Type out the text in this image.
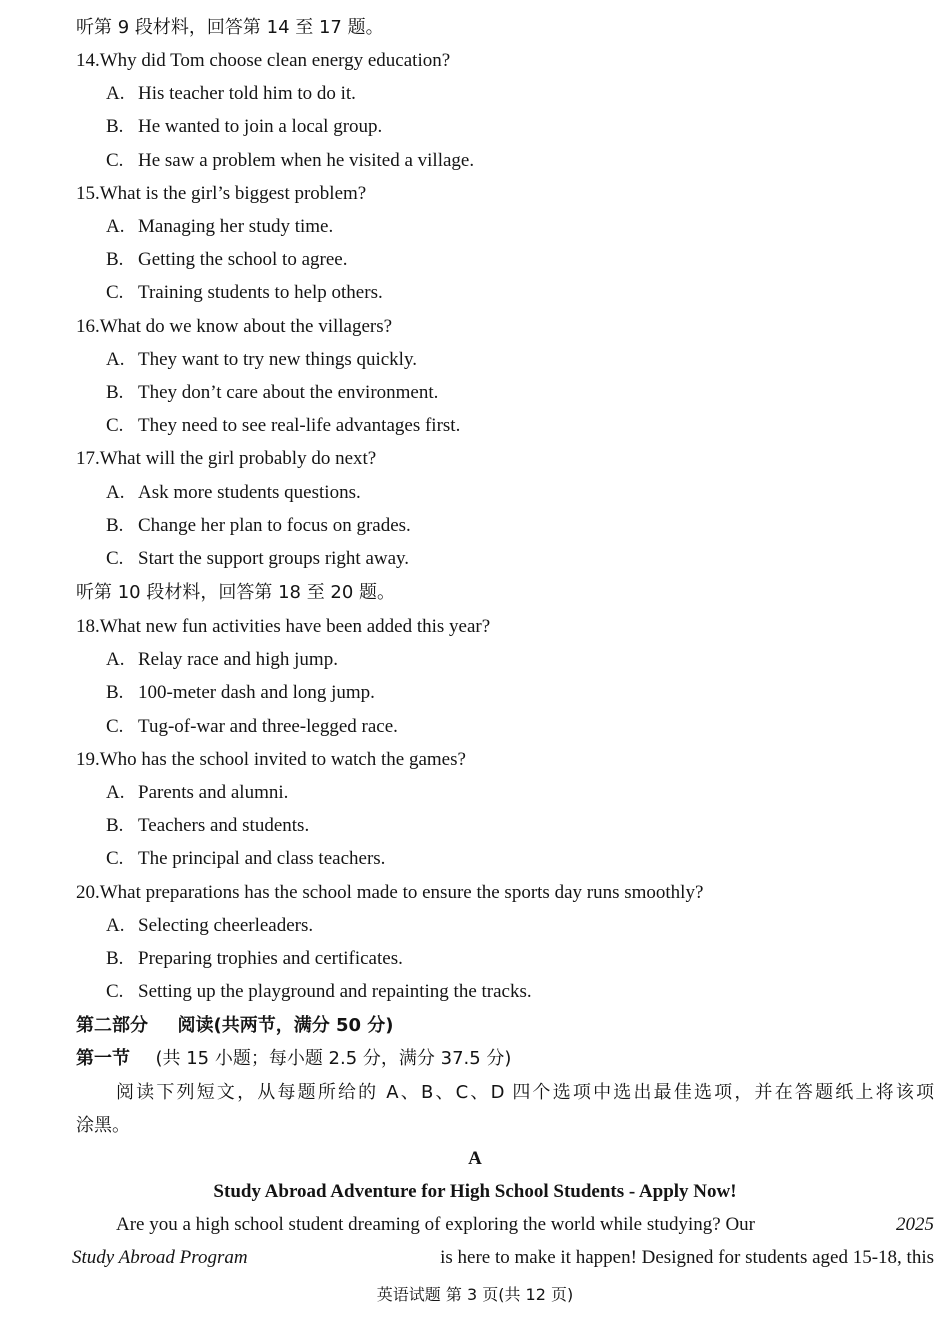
听第 9 段材料，回答第 14 至 17 题。
14.Why did Tom choose clean energy education?
A. His teacher told him to do it.
B. He wanted to join a local group.
C. He saw a problem when he visited a village.
15.What is the girl’s biggest problem?
A. Managing her study time.
B. Getting the school to agree.
C. Training students to help others.
16.What do we know about the villagers?
A. They want to try new things quickly.
B. They don’t care about the environment.
C. They need to see real-life advantages first.
17.What will the girl probably do next?
A. Ask more students questions.
B. Change her plan to focus on grades.
C. Start the support groups right away.
听第 10 段材料，回答第 18 至 20 题。
18.What new fun activities have been added this year?
A. Relay race and high jump.
B. 100-meter dash and long jump.
C. Tug-of-war and three-legged race.
19.Who has the school invited to watch the games?
A. Parents and alumni.
B. Teachers and students.
C. The principal and class teachers.
20.What preparations has the school made to ensure the sports day runs smoothly?
A. Selecting cheerleaders.
B. Preparing trophies and certificates.
C. Setting up the playground and repainting the tracks.
第二部分 阅读(共两节，满分 50 分)
第一节 (共 15 小题；每小题 2.5 分，满分 37.5 分)
阅读下列短文，从每题所给的 A、B、C、D 四个选项中选出最佳选项，并在答题纸上将该项
涂黑。
A
Study Abroad Adventure for High School Students - Apply Now!
Are you a high school student dreaming of exploring the world while studying? Our	2025
Study Abroad Program	is here to make it happen! Designed for students aged 15-18, this
英语试题 第 3 页(共 12 页)
